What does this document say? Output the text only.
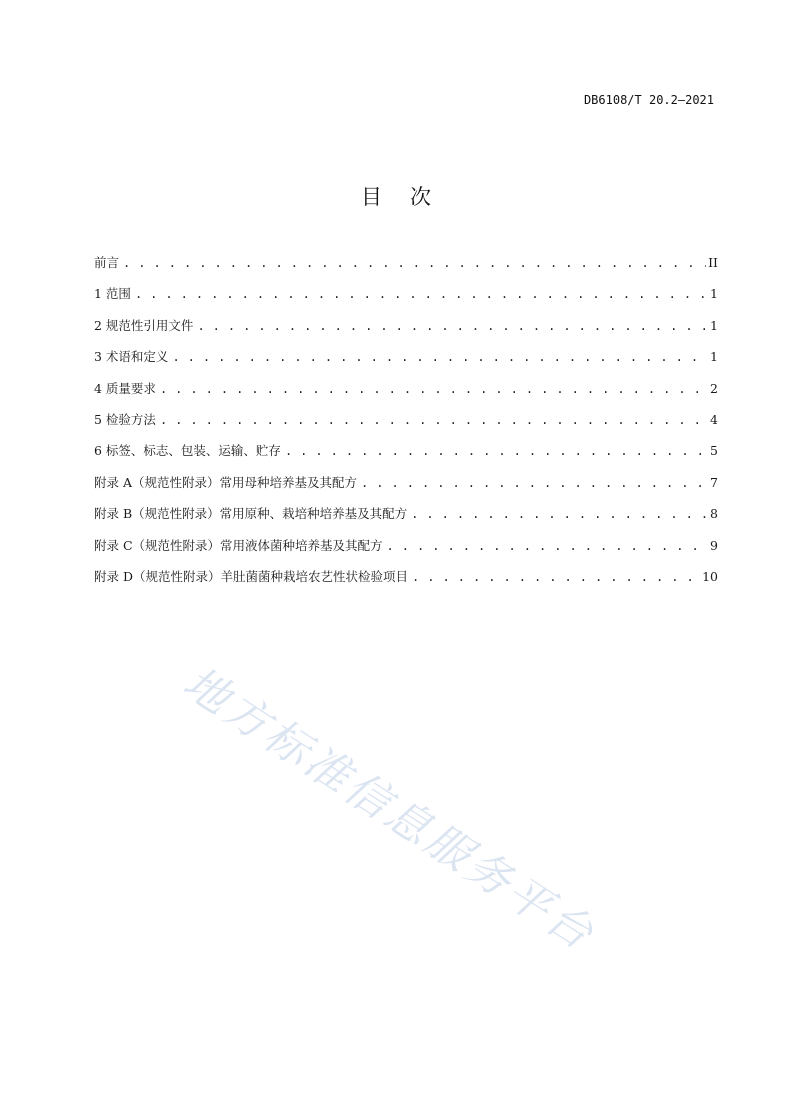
DB6108/T 20.2—2021
目次
前言 . . .	II
1 范围 . . .	1
2 规范性引用文件 . . .	1
3 术语和定义 . . .	1
4 质量要求 . . .	2
5 检验方法 . . .	4
6 标签、标志、包装、运输、贮存 . . .	5
附录 A（规范性附录）常用母种培养基及其配方 . . .	7
附录 B（规范性附录）常用原种、栽培种培养基及其配方 . . .	8
附录 C（规范性附录）常用液体菌种培养基及其配方 . . .	9
附录 D（规范性附录）羊肚菌菌种栽培农艺性状检验项目 . . .	10
地方标准信息服务平台
